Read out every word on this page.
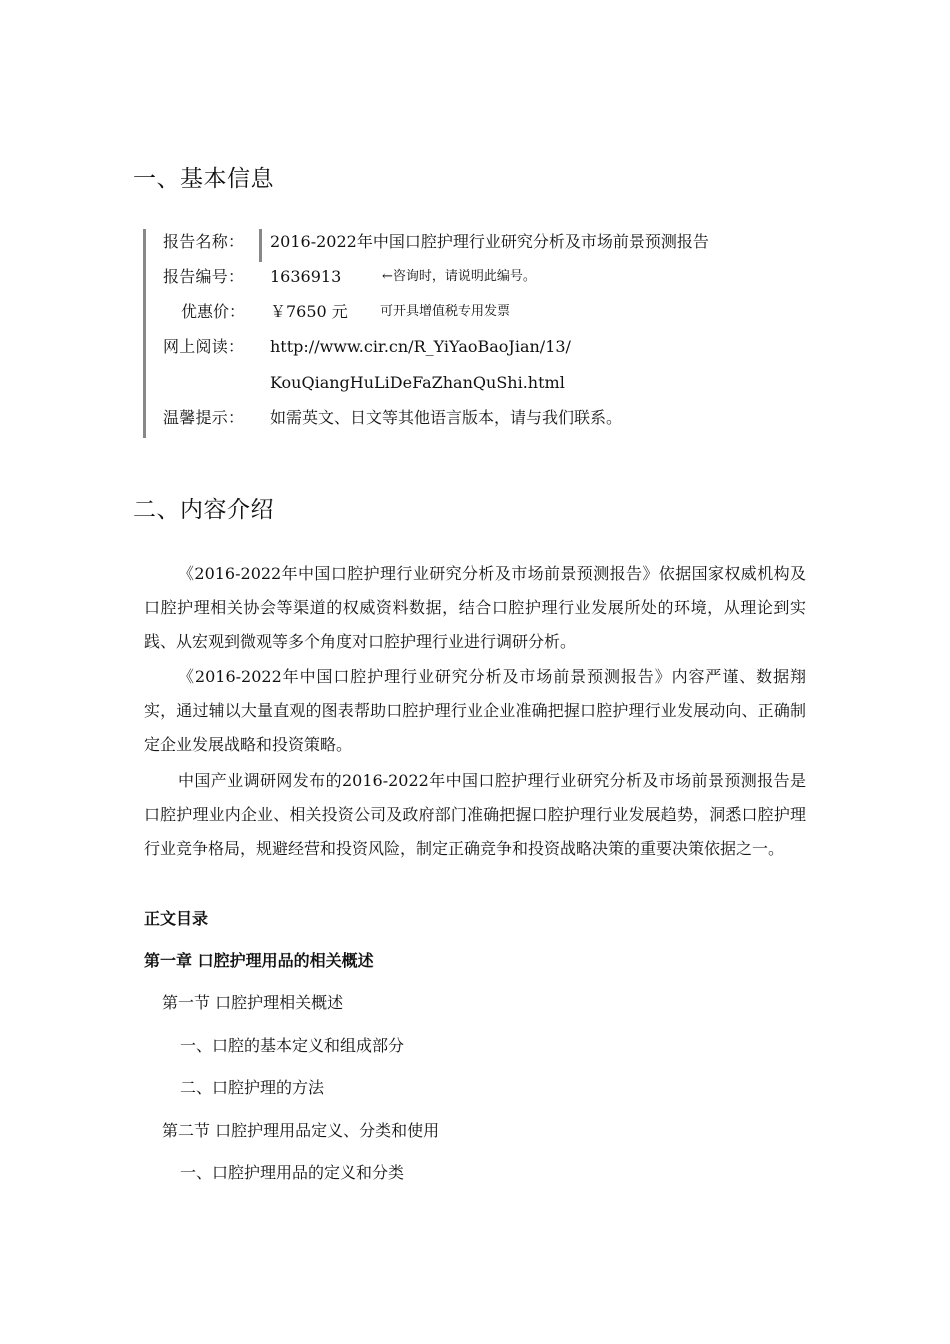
一、基本信息
报告名称： 2016-2022年中国口腔护理行业研究分析及市场前景预测报告
报告编号： 1636913	←咨询时，请说明此编号。
优惠价： ￥7650 元 可开具增值税专用发票
网上阅读： http://www.cir.cn/R_YiYaoBaoJian/13/
KouQiangHuLiDeFaZhanQuShi.html
温馨提示： 如需英文、日文等其他语言版本，请与我们联系。
二、内容介绍

《2016-2022年中国口腔护理行业研究分析及市场前景预测报告》依据国家权威机构及口腔护理相关协会等渠道的权威资料数据，结合口腔护理行业发展所处的环境，从理论到实践、从宏观到微观等多个角度对口腔护理行业进行调研分析。

《2016-2022年中国口腔护理行业研究分析及市场前景预测报告》内容严谨、数据翔实，通过辅以大量直观的图表帮助口腔护理行业企业准确把握口腔护理行业发展动向、正确制定企业发展战略和投资策略。

中国产业调研网发布的2016-2022年中国口腔护理行业研究分析及市场前景预测报告是口腔护理业内企业、相关投资公司及政府部门准确把握口腔护理行业发展趋势，洞悉口腔护理行业竞争格局，规避经营和投资风险，制定正确竞争和投资战略决策的重要决策依据之一。

正文目录
第一章 口腔护理用品的相关概述
第一节 口腔护理相关概述
一、口腔的基本定义和组成部分
二、口腔护理的方法
第二节 口腔护理用品定义、分类和使用
一、口腔护理用品的定义和分类
